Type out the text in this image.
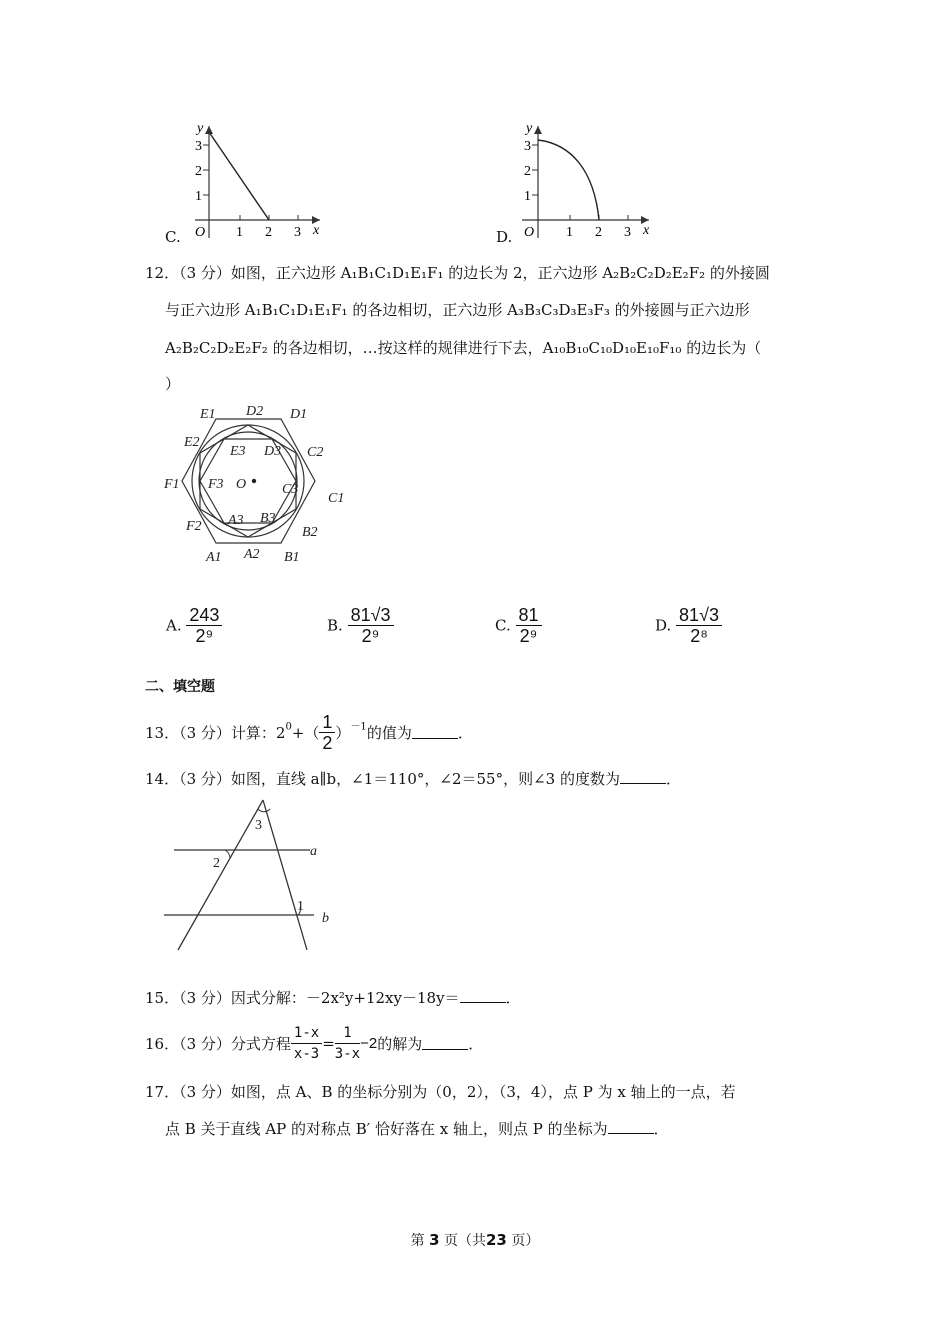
C.
y
1
2
3
O 1 2 3 x	D.
y
1
2
3
O 1 2 3 x
12．（3 分）如图，正六边形 A₁B₁C₁D₁E₁F₁ 的边长为 2，正六边形 A₂B₂C₂D₂E₂F₂ 的外接圆
与正六边形 A₁B₁C₁D₁E₁F₁ 的各边相切，正六边形 A₃B₃C₃D₃E₃F₃ 的外接圆与正六边形
A₂B₂C₂D₂E₂F₂ 的各边相切，…按这样的规律进行下去，A₁₀B₁₀C₁₀D₁₀E₁₀F₁₀ 的边长为（
）
E1 D2 D1
E2
C2
E3 D3
F1 F3 O	C3
C1
F2 A3 B3
B2
A1 A2 B1
A. $\frac{243}{\text{2⁹}}$	B. $\frac{81√3}{\text{2⁹}}$	C. $\frac{81}{\text{2⁹}}$	D. $\frac{81√3}{\text{2⁸}}$
二、填空题
13．（3 分）计算：$2^0+( \frac{1}{2} )^{-1}$的值为	．
14．（3 分）如图，直线 a∥b，∠1＝110°，∠2＝55°，则∠3 的度数为	．
3
2
1
a
b
15．（3 分）因式分解：－2x²y+12xy－18y＝	．
16．（3 分）分式方程 $\frac{1-x}{x-3} = \frac{1}{3-x} -2$的解为	．
17．（3 分）如图，点 A、B 的坐标分别为（0，2），（3，4），点 P 为 x 轴上的一点，若
点 B 关于直线 AP 的对称点 B′ 恰好落在 x 轴上，则点 P 的坐标为	．
第 3 页（共23 页）
